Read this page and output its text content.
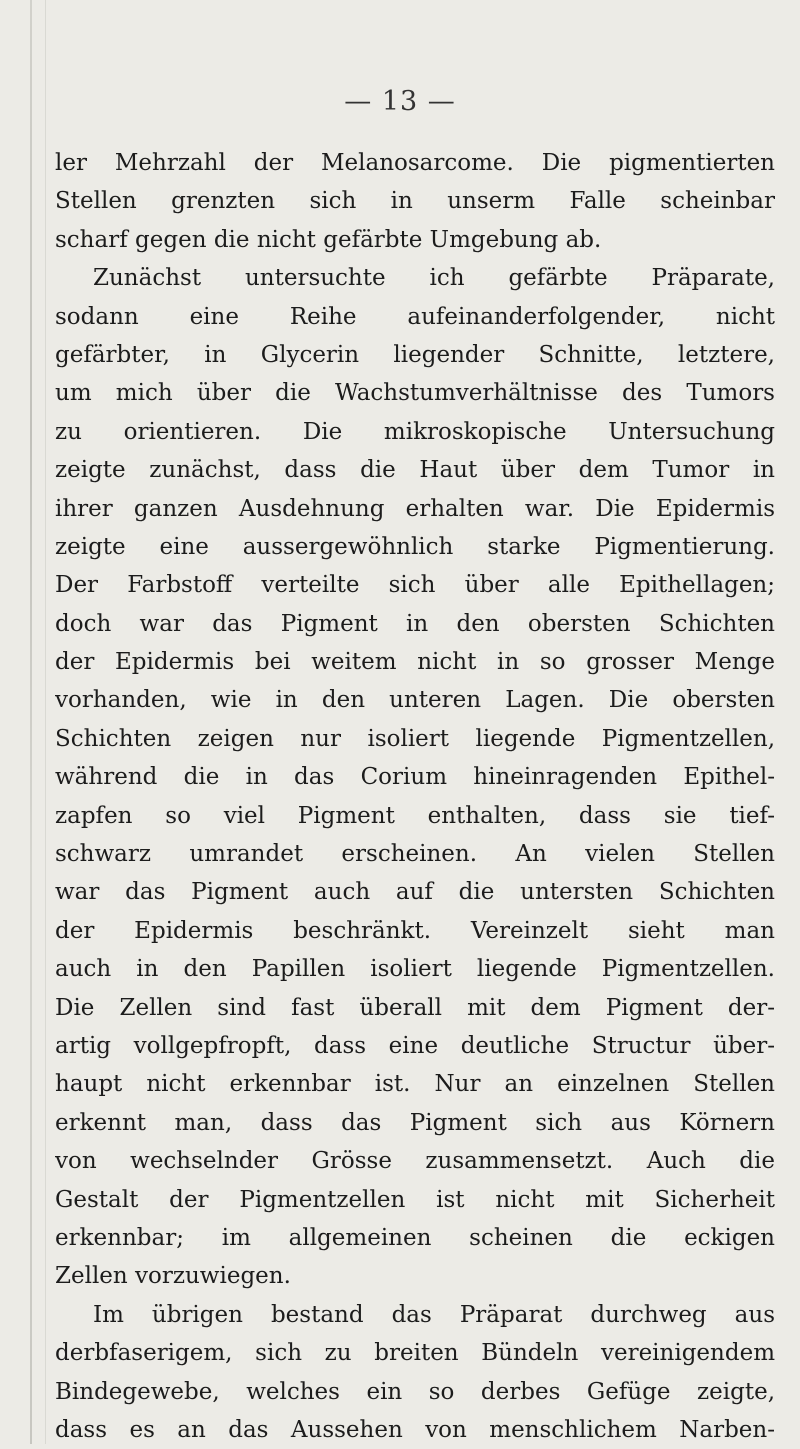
— 13 —
ler Mehrzahl der Melanosarcome. Die pigmentierten
Stellen grenzten sich in unserm Falle scheinbar
scharf gegen die nicht gefärbte Umgebung ab.
Zunächst untersuchte ich gefärbte Präparate,
sodann eine Reihe aufeinanderfolgender, nicht
gefärbter, in Glycerin liegender Schnitte, letztere,
um mich über die Wachstumverhältnisse des Tumors
zu orientieren. Die mikroskopische Untersuchung
zeigte zunächst, dass die Haut über dem Tumor in
ihrer ganzen Ausdehnung erhalten war. Die Epidermis
zeigte eine aussergewöhnlich starke Pigmentierung.
Der Farbstoff verteilte sich über alle Epithellagen;
doch war das Pigment in den obersten Schichten
der Epidermis bei weitem nicht in so grosser Menge
vorhanden, wie in den unteren Lagen. Die obersten
Schichten zeigen nur isoliert liegende Pigmentzellen,
während die in das Corium hineinragenden Epithel-
zapfen so viel Pigment enthalten, dass sie tief-
schwarz umrandet erscheinen. An vielen Stellen
war das Pigment auch auf die untersten Schichten
der Epidermis beschränkt. Vereinzelt sieht man
auch in den Papillen isoliert liegende Pigmentzellen.
Die Zellen sind fast überall mit dem Pigment der-
artig vollgepfropft, dass eine deutliche Structur über-
haupt nicht erkennbar ist. Nur an einzelnen Stellen
erkennt man, dass das Pigment sich aus Körnern
von wechselnder Grösse zusammensetzt. Auch die
Gestalt der Pigmentzellen ist nicht mit Sicherheit
erkennbar; im allgemeinen scheinen die eckigen
Zellen vorzuwiegen.
Im übrigen bestand das Präparat durchweg aus
derbfaserigem, sich zu breiten Bündeln vereinigendem
Bindegewebe, welches ein so derbes Gefüge zeigte,
dass es an das Aussehen von menschlichem Narben-
